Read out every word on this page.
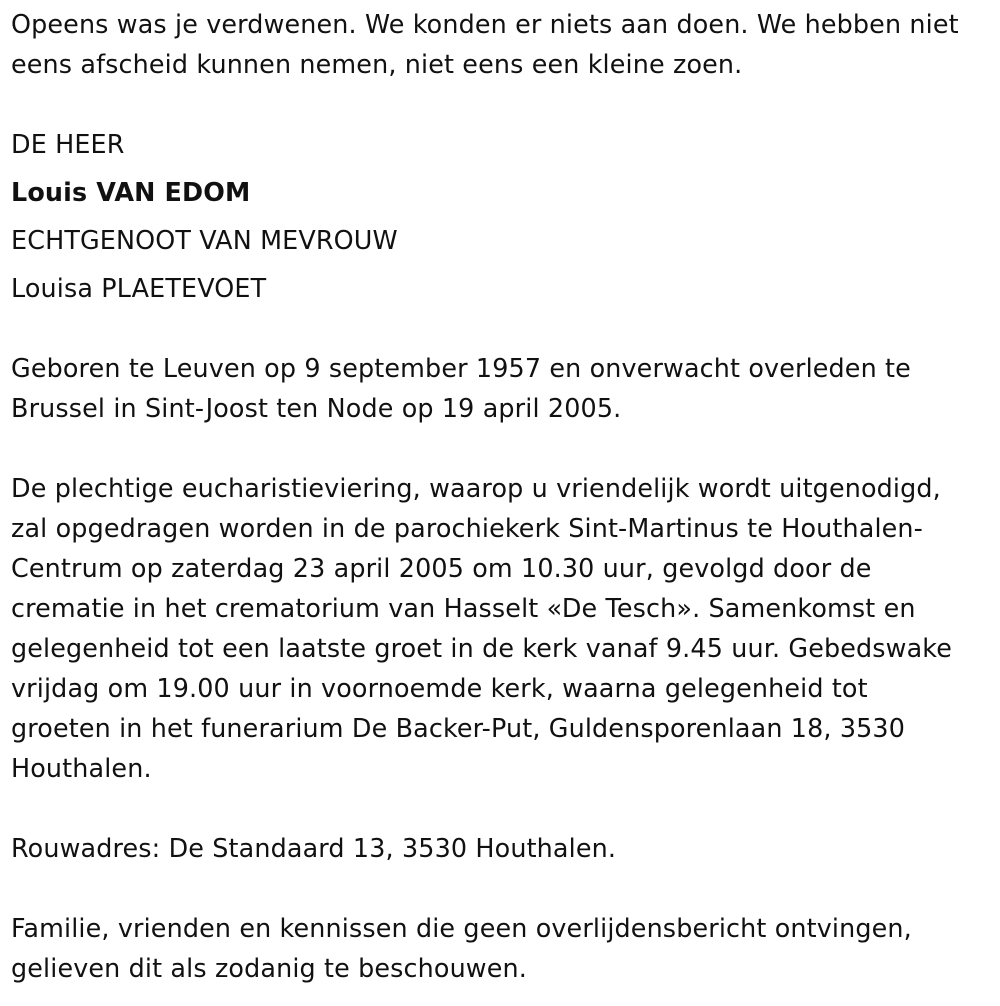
Opeens was je verdwenen. We konden er niets aan doen. We hebben niet

eens afscheid kunnen nemen, niet eens een kleine zoen.

DE HEER

Louis VAN EDOM

ECHTGENOOT VAN MEVROUW

Louisa PLAETEVOET

Geboren te Leuven op 9 september 1957 en onverwacht overleden te

Brussel in Sint-Joost ten Node op 19 april 2005.

De plechtige eucharistieviering, waarop u vriendelijk wordt uitgenodigd,

zal opgedragen worden in de parochiekerk Sint-Martinus te Houthalen-

Centrum op zaterdag 23 april 2005 om 10.30 uur, gevolgd door de

crematie in het crematorium van Hasselt «De Tesch». Samenkomst en

gelegenheid tot een laatste groet in de kerk vanaf 9.45 uur. Gebedswake

vrijdag om 19.00 uur in voornoemde kerk, waarna gelegenheid tot

groeten in het funerarium De Backer-Put, Guldensporenlaan 18, 3530

Houthalen.

Rouwadres: De Standaard 13, 3530 Houthalen.

Familie, vrienden en kennissen die geen overlijdensbericht ontvingen,

gelieven dit als zodanig te beschouwen.
